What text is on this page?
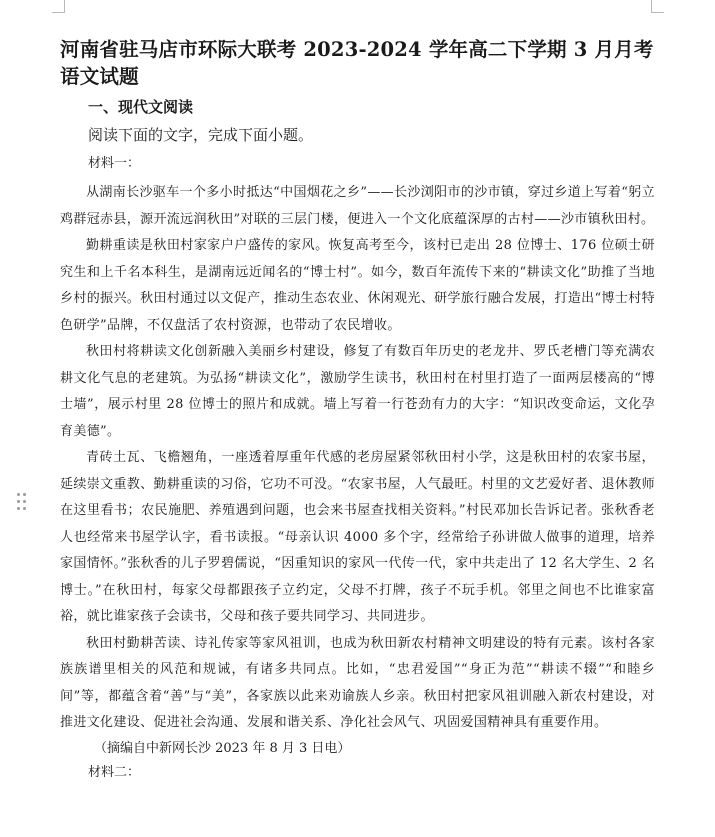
河南省驻马店市环际大联考 2023-2024 学年高二下学期 3 月月考语文试题
一、现代文阅读
阅读下面的文字，完成下面小题。
材料一：

从湖南长沙驱车一个多小时抵达“中国烟花之乡”——长沙浏阳市的沙市镇，穿过乡道上写着“躬立鸡群冠赤县，源开流远润秋田”对联的三层门楼，便进入一个文化底蕴深厚的古村——沙市镇秋田村。

勤耕重读是秋田村家家户户盛传的家风。恢复高考至今，该村已走出 28 位博士、176 位硕士研究生和上千名本科生，是湖南远近闻名的“博士村”。如今，数百年流传下来的“耕读文化”助推了当地乡村的振兴。秋田村通过以文促产，推动生态农业、休闲观光、研学旅行融合发展，打造出“博士村特色研学”品牌，不仅盘活了农村资源，也带动了农民增收。

秋田村将耕读文化创新融入美丽乡村建设，修复了有数百年历史的老龙井、罗氏老槽门等充满农耕文化气息的老建筑。为弘扬“耕读文化”，激励学生读书，秋田村在村里打造了一面两层楼高的“博士墙”，展示村里 28 位博士的照片和成就。墙上写着一行苍劲有力的大字：“知识改变命运，文化孕育美德”。

青砖土瓦、飞檐翘角，一座透着厚重年代感的老房屋紧邻秋田村小学，这是秋田村的农家书屋，延续崇文重教、勤耕重读的习俗，它功不可没。“农家书屋，人气最旺。村里的文艺爱好者、退休教师在这里看书；农民施肥、养殖遇到问题，也会来书屋查找相关资料。”村民邓加长告诉记者。张秋香老人也经常来书屋学认字，看书读报。“母亲认识 4000 多个字，经常给子孙讲做人做事的道理，培养家国情怀。”张秋香的儿子罗碧儒说，“因重知识的家风一代传一代，家中共走出了 12 名大学生、2 名博士。”在秋田村，每家父母都跟孩子立约定，父母不打牌，孩子不玩手机。邻里之间也不比谁家富裕，就比谁家孩子会读书，父母和孩子要共同学习、共同进步。

秋田村勤耕苦读、诗礼传家等家风祖训，也成为秋田新农村精神文明建设的特有元素。该村各家族族谱里相关的风范和规诫，有诸多共同点。比如，“忠君爱国”“身正为范”“耕读不辍”“和睦乡间”等，都蕴含着“善”与“美”，各家族以此来劝谕族人乡亲。秋田村把家风祖训融入新农村建设，对推进文化建设、促进社会沟通、发展和谐关系、净化社会风气、巩固爱国精神具有重要作用。

（摘编自中新网长沙 2023 年 8 月 3 日电）
材料二：
